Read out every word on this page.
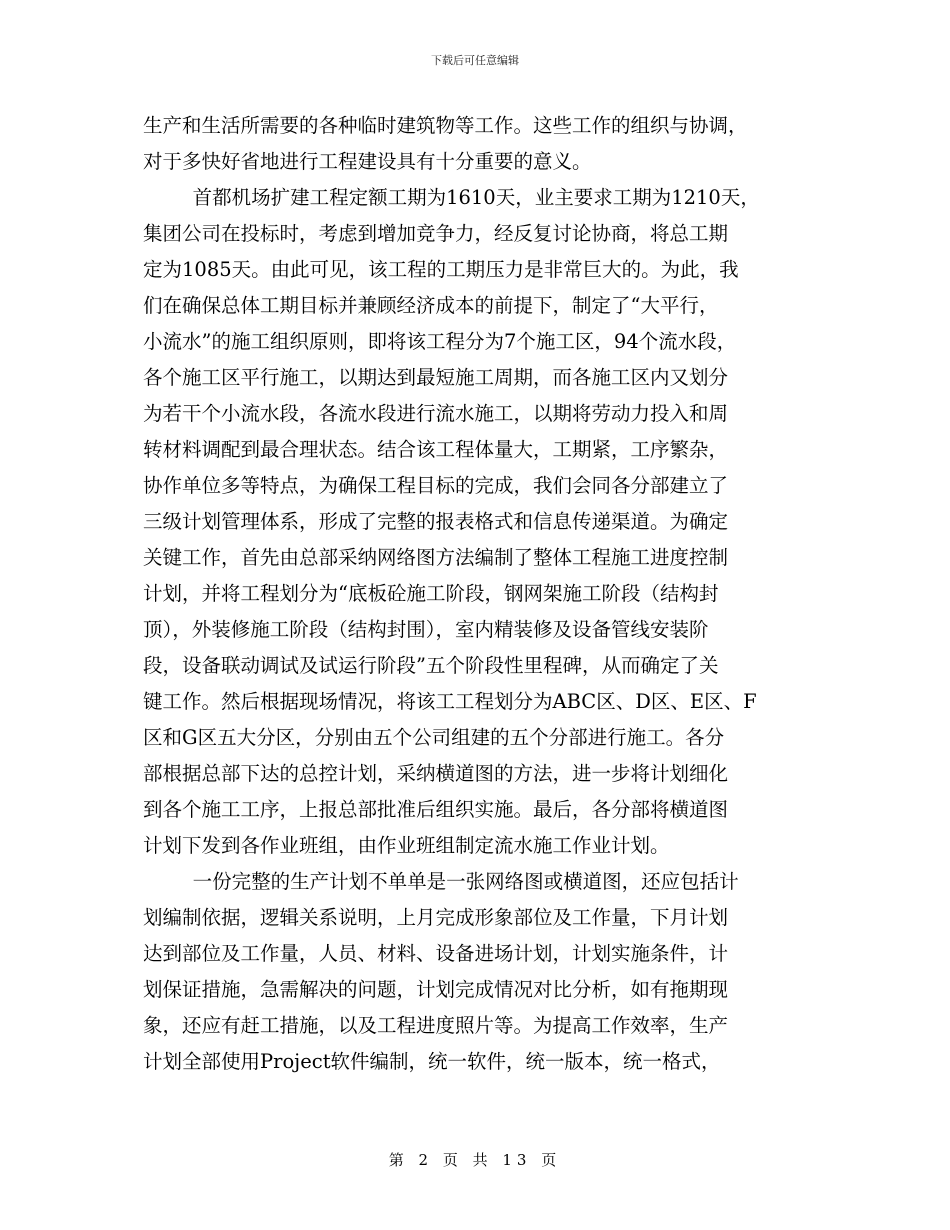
下载后可任意编辑
生产和生活所需要的各种临时建筑物等工作。这些工作的组织与协调，
对于多快好省地进行工程建设具有十分重要的意义。
首都机场扩建工程定额工期为1610天，业主要求工期为1210天，
集团公司在投标时，考虑到增加竞争力，经反复讨论协商，将总工期
定为1085天。由此可见，该工程的工期压力是非常巨大的。为此，我
们在确保总体工期目标并兼顾经济成本的前提下，制定了“大平行，
小流水”的施工组织原则，即将该工程分为7个施工区，94个流水段，
各个施工区平行施工，以期达到最短施工周期，而各施工区内又划分
为若干个小流水段，各流水段进行流水施工，以期将劳动力投入和周
转材料调配到最合理状态。结合该工程体量大，工期紧，工序繁杂，
协作单位多等特点，为确保工程目标的完成，我们会同各分部建立了
三级计划管理体系，形成了完整的报表格式和信息传递渠道。为确定
关键工作，首先由总部采纳网络图方法编制了整体工程施工进度控制
计划，并将工程划分为“底板砼施工阶段，钢网架施工阶段（结构封
顶），外装修施工阶段（结构封围），室内精装修及设备管线安装阶
段，设备联动调试及试运行阶段”五个阶段性里程碑，从而确定了关
键工作。然后根据现场情况，将该工工程划分为ABC区、D区、E区、F
区和G区五大分区，分别由五个公司组建的五个分部进行施工。各分
部根据总部下达的总控计划，采纳横道图的方法，进一步将计划细化
到各个施工工序，上报总部批准后组织实施。最后，各分部将横道图
计划下发到各作业班组，由作业班组制定流水施工作业计划。
一份完整的生产计划不单单是一张网络图或横道图，还应包括计
划编制依据，逻辑关系说明，上月完成形象部位及工作量，下月计划
达到部位及工作量，人员、材料、设备进场计划，计划实施条件，计
划保证措施，急需解决的问题，计划完成情况对比分析，如有拖期现
象，还应有赶工措施，以及工程进度照片等。为提高工作效率，生产
计划全部使用Project软件编制，统一软件，统一版本，统一格式，
第 2 页 共 13 页
